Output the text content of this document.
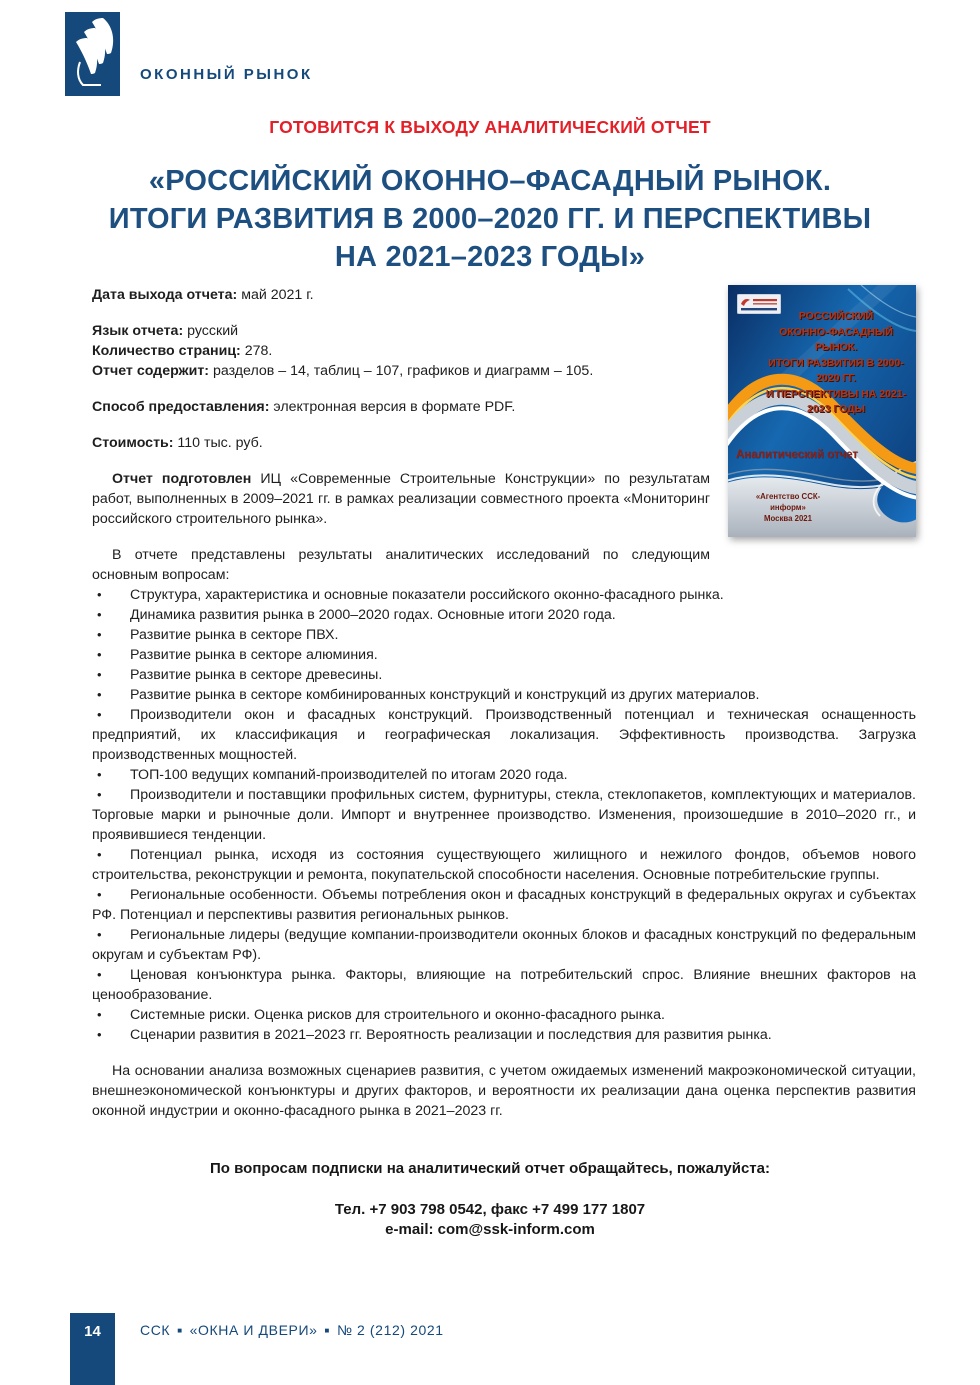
ОКОННЫЙ РЫНОК
ГОТОВИТСЯ К ВЫХОДУ АНАЛИТИЧЕСКИЙ ОТЧЕТ
«РОССИЙСКИЙ ОКОННО–ФАСАДНЫЙ РЫНОК.
ИТОГИ РАЗВИТИЯ В 2000–2020 ГГ. И ПЕРСПЕКТИВЫ
НА 2021–2023 ГОДЫ»
РОССИЙСКИЙ
ОКОННО-ФАСАДНЫЙ РЫНОК.
ИТОГИ РАЗВИТИЯ В 2000-2020 ГГ.
И ПЕРСПЕКТИВЫ НА 2021-2023 ГОДЫ
Аналитический отчет
«Агентство ССК-информ»
Москва 2021

Дата выхода отчета: май 2021 г.

Язык отчета: русский

Количество страниц: 278.

Отчет содержит: разделов – 14, таблиц – 107, графиков и диаграмм – 105.

Способ предоставления: электронная версия в формате PDF.

Стоимость: 110 тыс. руб.

Отчет подготовлен ИЦ «Современные Строительные Конструкции» по результатам работ, выполненных в 2009–2021 гг. в рамках реализации совместного проекта «Мониторинг российского строительного рынка».

В отчете представлены результаты аналитических исследований по следующим основным вопросам:

• Структура, характеристика и основные показатели российского оконно-фасадного рынка.

• Динамика развития рынка в 2000–2020 годах. Основные итоги 2020 года.

• Развитие рынка в секторе ПВХ.

• Развитие рынка в секторе алюминия.

• Развитие рынка в секторе древесины.

• Развитие рынка в секторе комбинированных конструкций и конструкций из других материалов.

• Производители окон и фасадных конструкций. Производственный потенциал и техническая оснащенность предприятий, их классификация и географическая локализация. Эффективность производства. Загрузка производственных мощностей.

• ТОП-100 ведущих компаний-производителей по итогам 2020 года.

• Производители и поставщики профильных систем, фурнитуры, стекла, стеклопакетов, комплектующих и материалов. Торговые марки и рыночные доли. Импорт и внутреннее производство. Изменения, произошедшие в 2010–2020 гг., и проявившиеся тенденции.

• Потенциал рынка, исходя из состояния существующего жилищного и нежилого фондов, объемов нового строительства, реконструкции и ремонта, покупательской способности населения. Основные потребительские группы.

• Региональные особенности. Объемы потребления окон и фасадных конструкций в федеральных округах и субъектах РФ. Потенциал и перспективы развития региональных рынков.

• Региональные лидеры (ведущие компании-производители оконных блоков и фасадных конструкций по федеральным округам и субъектам РФ).

• Ценовая конъюнктура рынка. Факторы, влияющие на потребительский спрос. Влияние внешних факторов на ценообразование.

• Системные риски. Оценка рисков для строительного и оконно-фасадного рынка.

• Сценарии развития в 2021–2023 гг. Вероятность реализации и последствия для развития рынка.

На основании анализа возможных сценариев развития, с учетом ожидаемых изменений макроэкономической ситуации, внешнеэкономической конъюнктуры и других факторов, и вероятности их реализации дана оценка перспектив развития оконной индустрии и оконно-фасадного рынка в 2021–2023 гг.

По вопросам подписки на аналитический отчет обращайтесь, пожалуйста:
Тел. +7 903 798 0542, факс +7 499 177 1807
e-mail: com@ssk-inform.com
14	ССК ■ «ОКНА И ДВЕРИ» ■ № 2 (212) 2021
